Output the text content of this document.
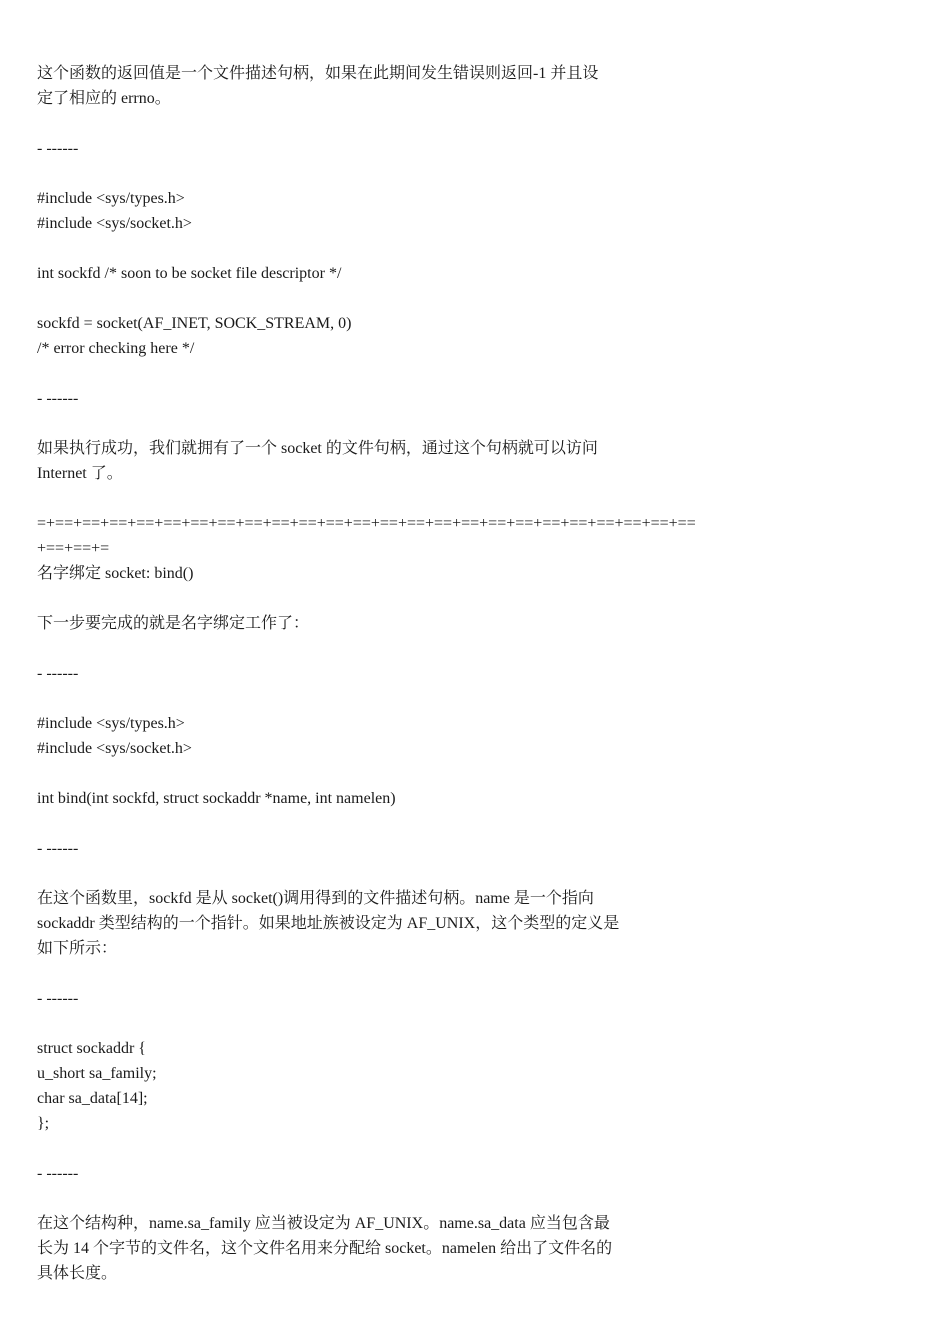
这个函数的返回值是一个文件描述句柄，如果在此期间发生错误则返回-1 并且设
定了相应的 errno。
- ------
#include <sys/types.h>
#include <sys/socket.h>
int sockfd /* soon to be socket file descriptor */
sockfd = socket(AF_INET, SOCK_STREAM, 0)
/* error checking here */
- ------
如果执行成功，我们就拥有了一个 socket 的文件句柄，通过这个句柄就可以访问
Internet 了。
=+==+==+==+==+==+==+==+==+==+==+==+==+==+==+==+==+==+==+==+==+==+==+==+==
+==+==+=
名字绑定 socket: bind()
下一步要完成的就是名字绑定工作了：
- ------
#include <sys/types.h>
#include <sys/socket.h>
int bind(int sockfd, struct sockaddr *name, int namelen)
- ------
在这个函数里，sockfd 是从 socket()调用得到的文件描述句柄。name 是一个指向
sockaddr 类型结构的一个指针。如果地址族被设定为 AF_UNIX，这个类型的定义是
如下所示：
- ------
struct sockaddr {
u_short sa_family;
char sa_data[14];
};
- ------
在这个结构种，name.sa_family 应当被设定为 AF_UNIX。name.sa_data 应当包含最
长为 14 个字节的文件名，这个文件名用来分配给 socket。namelen 给出了文件名的
具体长度。
